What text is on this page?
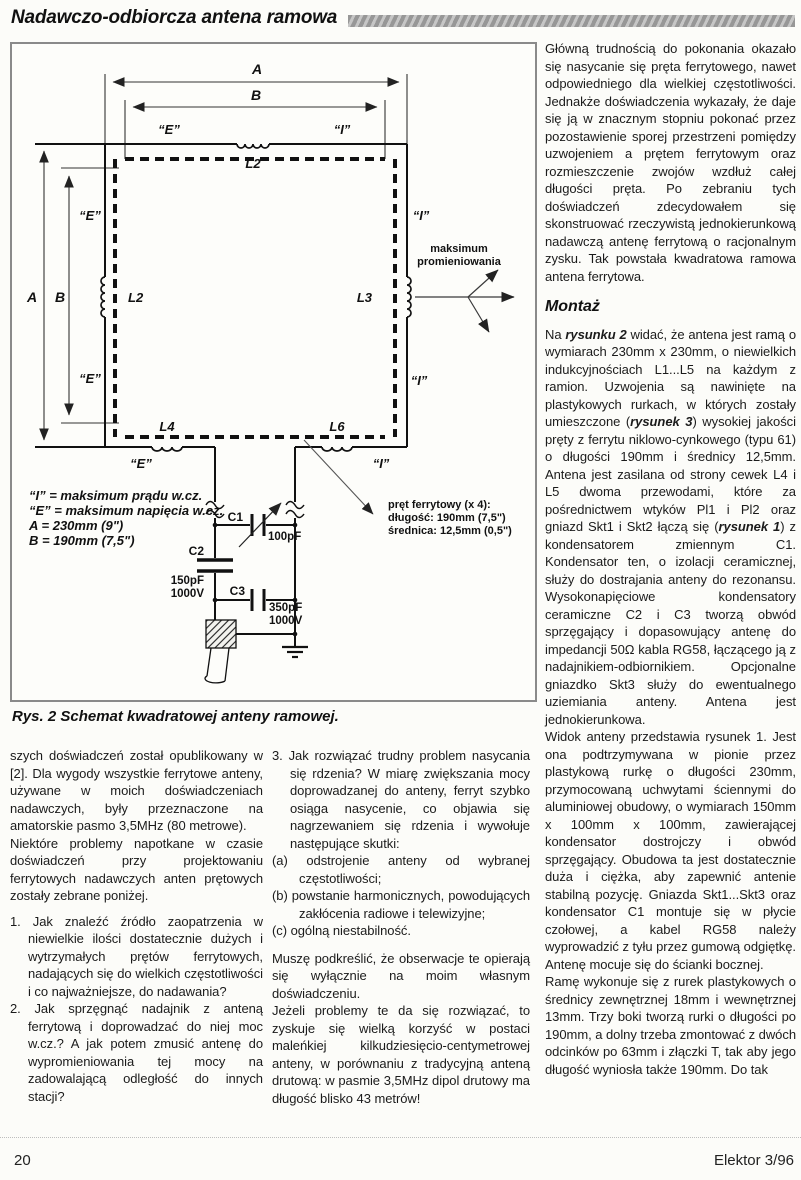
Nadawczo-odbiorcza antena ramowa
A
B
A B
C1
100pF
C2
150pF
1000V C3
350pF
1000V
maksimum
promieniowania
pręt ferrytowy (x 4):
długość: 190mm (7,5")
średnica: 12,5mm (0,5")
“E”	“I”
“E”
“E”
“I”
“I”
“E”	“I”
L2
L2	L3
L4	L6
“I” = maksimum prądu w.cz.
“E” = maksimum napięcia w.cz.
A = 230mm (9")
B = 190mm (7,5")
Rys. 2 Schemat kwadratowej anteny ramowej.

szych doświadczeń został opublikowany w [2]. Dla wygody wszystkie ferrytowe anteny, używane w moich doświadczeniach nadawczych, były przeznaczone na amatorskie pasmo 3,5MHz (80 metrowe).

Niektóre problemy napotkane w czasie doświadczeń przy projektowaniu ferrytowych nadawczych anten prętowych zostały zebrane poniżej.

1. Jak znaleźć źródło zaopatrzenia w niewielkie ilości dostatecznie dużych i wytrzymałych prętów ferrytowych, nadających się do wielkich częstotliwości i co najważniejsze, do nadawania?

2. Jak sprzęgnąć nadajnik z anteną ferrytową i doprowadzać do niej moc w.cz.? A jak potem zmusić antenę do wypromieniowania tej mocy na zadowalającą odległość do innych stacji?

3. Jak rozwiązać trudny problem nasycania się rdzenia? W miarę zwiększania mocy doprowadzanej do anteny, ferryt szybko osiąga nasycenie, co objawia się nagrzewaniem się rdzenia i wywołuje następujące skutki:

(a) odstrojenie anteny od wybranej częstotliwości;

(b) powstanie harmonicznych, powodujących zakłócenia radiowe i telewizyjne;

(c) ogólną niestabilność.

Muszę podkreślić, że obserwacje te opierają się wyłącznie na moim własnym doświadczeniu.

Jeżeli problemy te da się rozwiązać, to zyskuje się wielką korzyść w postaci maleńkiej kilkudziesięcio-centymetrowej anteny, w porównaniu z tradycyjną anteną drutową: w pasmie 3,5MHz dipol drutowy ma długość blisko 43 metrów!

Główną trudnością do pokonania okazało się nasycanie się pręta ferrytowego, nawet odpowiedniego dla wielkiej częstotliwości. Jednakże doświadczenia wykazały, że daje się ją w znacznym stopniu pokonać przez pozostawienie sporej przestrzeni pomiędzy uzwojeniem a prętem ferrytowym oraz rozmieszczenie zwojów wzdłuż całej długości pręta. Po zebraniu tych doświadczeń zdecydowałem się skonstruować rzeczywistą jednokierunkową nadawczą antenę ferrytową o racjonalnym zysku. Tak powstała kwadratowa ramowa antena ferrytowa.

Montaż

Na rysunku 2 widać, że antena jest ramą o wymiarach 230mm x 230mm, o niewielkich indukcyjnościach L1...L5 na każdym z ramion. Uzwojenia są nawinięte na plastykowych rurkach, w których zostały umieszczone (rysunek 3) wysokiej jakości pręty z ferrytu niklowo-cynkowego (typu 61) o długości 190mm i średnicy 12,5mm. Antena jest zasilana od strony cewek L4 i L5 dwoma przewodami, które za pośrednictwem wtyków Pl1 i Pl2 oraz gniazd Skt1 i Skt2 łączą się (rysunek 1) z kondensatorem zmiennym C1. Kondensator ten, o izolacji ceramicznej, służy do dostrajania anteny do rezonansu. Wysokonapięciowe kondensatory ceramiczne C2 i C3 tworzą obwód sprzęgający i dopasowujący antenę do impedancji 50Ω kabla RG58, łączącego ją z nadajnikiem-odbiornikiem. Opcjonalne gniazdko Skt3 służy do ewentualnego uziemiania anteny. Antena jest jednokierunkowa.

Widok anteny przedstawia rysunek 1. Jest ona podtrzymywana w pionie przez plastykową rurkę o długości 230mm, przymocowaną uchwytami ściennymi do aluminiowej obudowy, o wymiarach 150mm x 100mm x 100mm, zawierającej kondensator dostrojczy i obwód sprzęgający. Obudowa ta jest dostatecznie duża i ciężka, aby zapewnić antenie stabilną pozycję. Gniazda Skt1...Skt3 oraz kondensator C1 montuje się w płycie czołowej, a kabel RG58 należy wyprowadzić z tyłu przez gumową odgiętkę. Antenę mocuje się do ścianki bocznej.

Ramę wykonuje się z rurek plastykowych o średnicy zewnętrznej 18mm i wewnętrznej 13mm. Trzy boki tworzą rurki o długości po 190mm, a dolny trzeba zmontować z dwóch odcinków po 63mm i złączki T, tak aby jego długość wyniosła także 190mm. Do tak

20	Elektor 3/96
